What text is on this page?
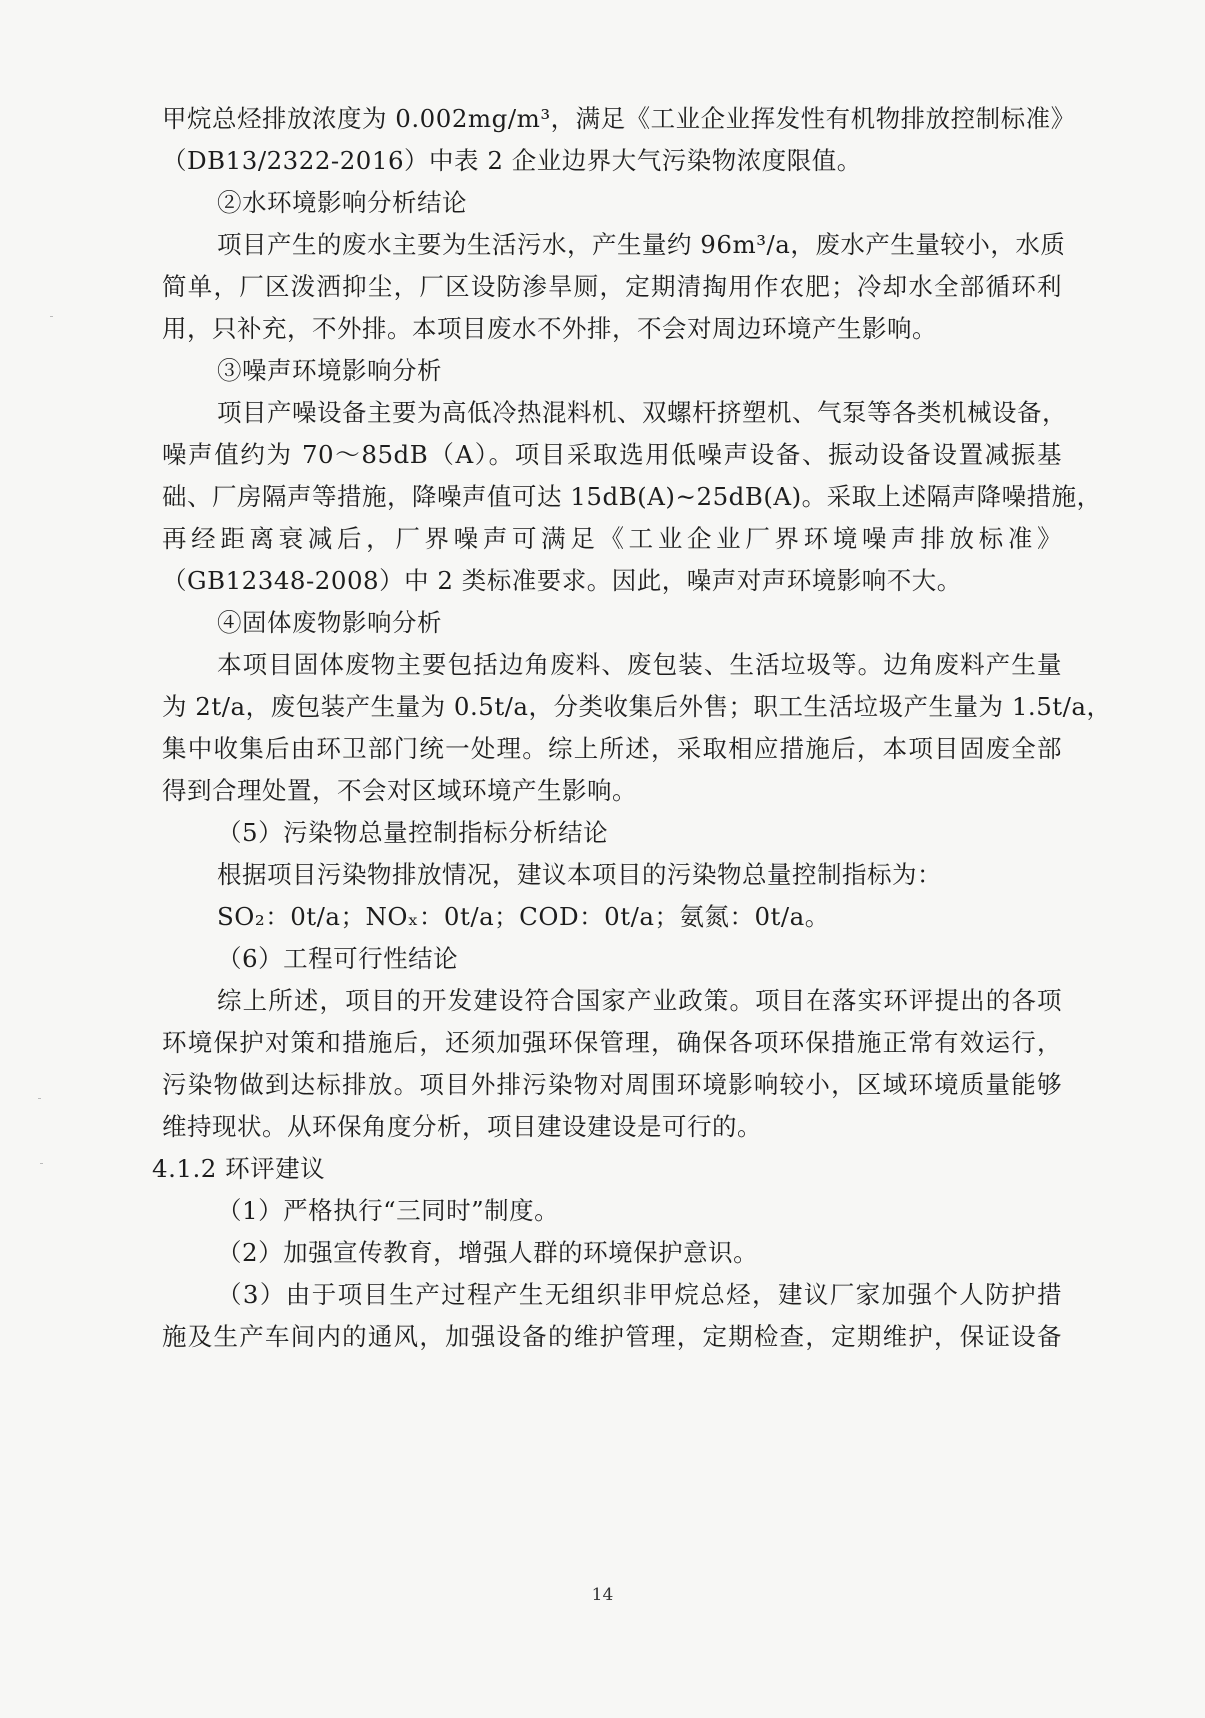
甲烷总烃排放浓度为 0.002mg/m³，满足《工业企业挥发性有机物排放控制标准》
（DB13/2322-2016）中表 2 企业边界大气污染物浓度限值。
②水环境影响分析结论
项目产生的废水主要为生活污水，产生量约 96m³/a，废水产生量较小，水质
简单，厂区泼洒抑尘，厂区设防渗旱厕，定期清掏用作农肥；冷却水全部循环利
用，只补充，不外排。本项目废水不外排，不会对周边环境产生影响。
③噪声环境影响分析
项目产噪设备主要为高低冷热混料机、双螺杆挤塑机、气泵等各类机械设备，
噪声值约为 70～85dB（A）。项目采取选用低噪声设备、振动设备设置减振基
础、厂房隔声等措施，降噪声值可达 15dB(A)~25dB(A)。采取上述隔声降噪措施，
再经距离衰减后，厂界噪声可满足《工业企业厂界环境噪声排放标准》
（GB12348-2008）中 2 类标准要求。因此，噪声对声环境影响不大。
④固体废物影响分析
本项目固体废物主要包括边角废料、废包装、生活垃圾等。边角废料产生量
为 2t/a，废包装产生量为 0.5t/a，分类收集后外售；职工生活垃圾产生量为 1.5t/a，
集中收集后由环卫部门统一处理。综上所述，采取相应措施后，本项目固废全部
得到合理处置，不会对区域环境产生影响。
（5）污染物总量控制指标分析结论
根据项目污染物排放情况，建议本项目的污染物总量控制指标为：
SO₂：0t/a；NOₓ：0t/a；COD：0t/a；氨氮：0t/a。
（6）工程可行性结论
综上所述，项目的开发建设符合国家产业政策。项目在落实环评提出的各项
环境保护对策和措施后，还须加强环保管理，确保各项环保措施正常有效运行，
污染物做到达标排放。项目外排污染物对周围环境影响较小，区域环境质量能够
维持现状。从环保角度分析，项目建设建设是可行的。
4.1.2 环评建议
（1）严格执行“三同时”制度。
（2）加强宣传教育，增强人群的环境保护意识。
（3）由于项目生产过程产生无组织非甲烷总烃，建议厂家加强个人防护措
施及生产车间内的通风，加强设备的维护管理，定期检查，定期维护，保证设备
14
